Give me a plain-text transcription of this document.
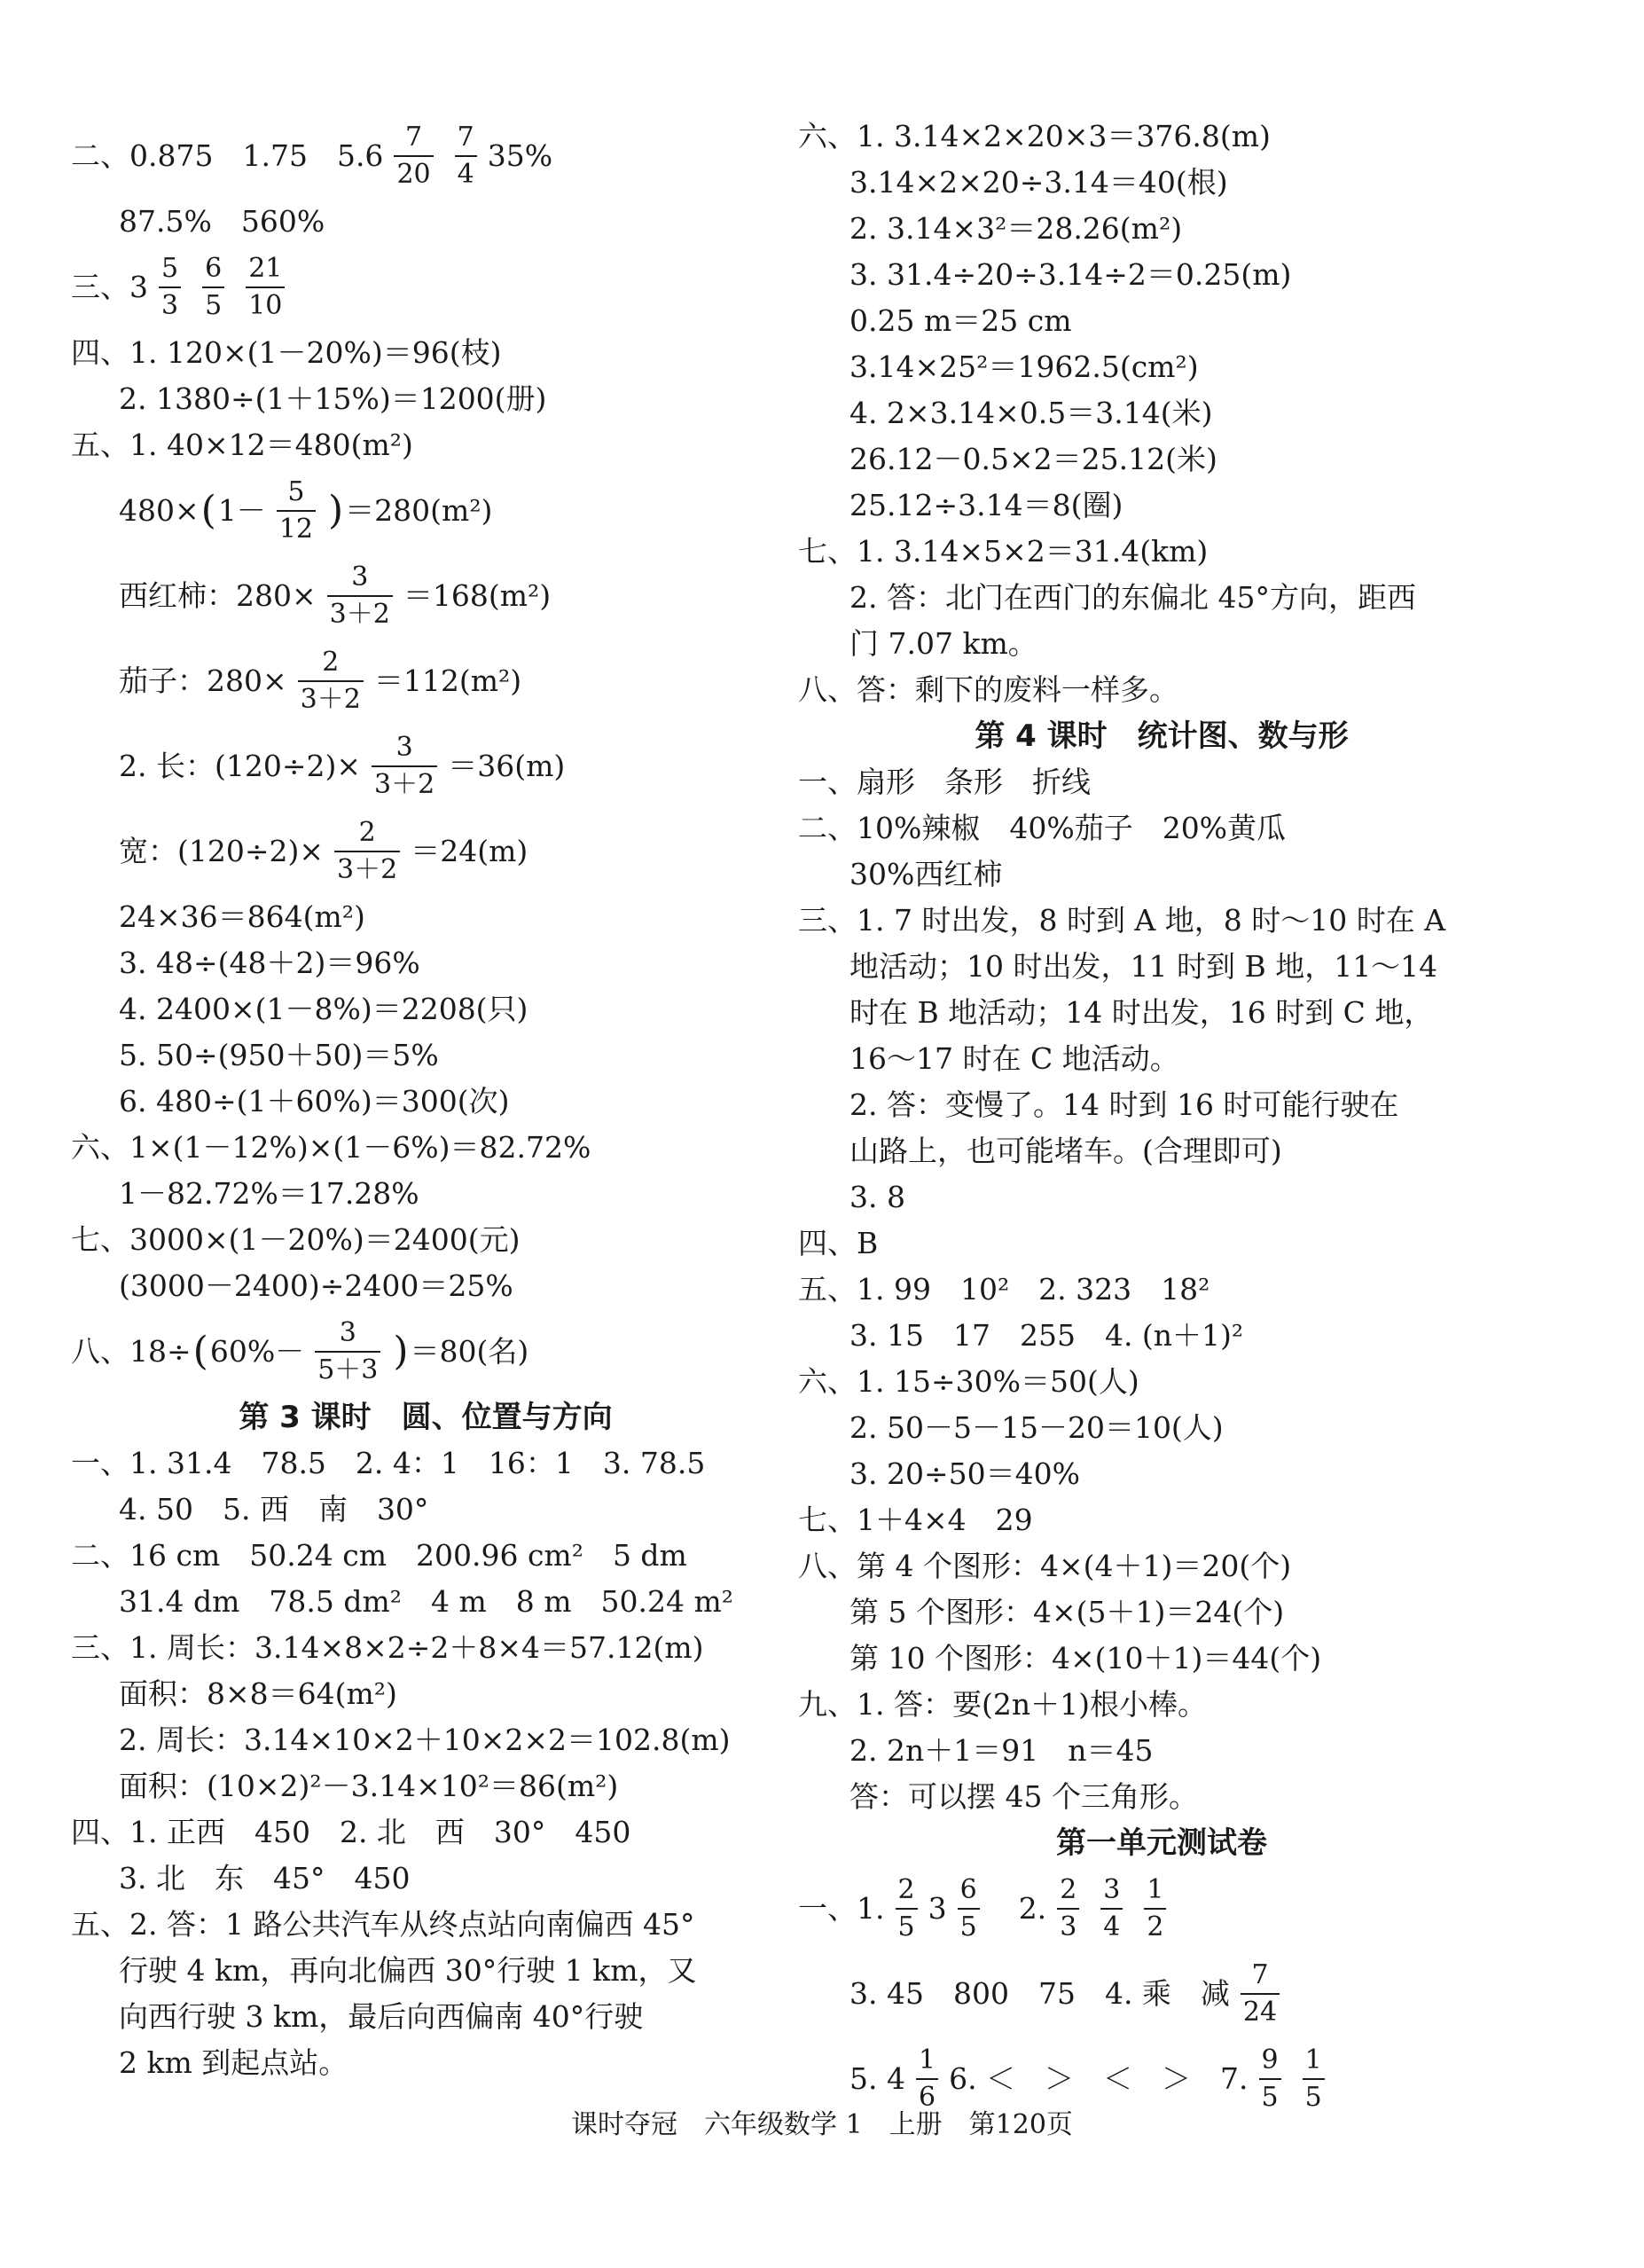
二、0.875　1.75　$5.6 \frac{7}{20} \frac{7}{4} 35\%$
87.5%　560%
三、$3 \frac{5}{3} \frac{6}{5} \frac{21}{10}$
四、1. 120×(1－20%)＝96(枝)
2. 1380÷(1＋15%)＝1200(册)
五、1. 40×12＝480(m²)
480× ( $1- \frac{5}{12}$ ) ＝280(m²)
西红柿：$280\times \frac{3}{3+2} =168(m^2)$
茄子：$280\times \frac{2}{3+2} =112(m^2)$
2. 长：$(120\div 2)\times \frac{3}{3+2} =36(m)$
宽：$(120\div 2)\times \frac{2}{3+2} =24(m)$
24×36＝864(m²)
3. 48÷(48＋2)＝96%
4. 2400×(1－8%)＝2208(只)
5. 50÷(950＋50)＝5%
6. 480÷(1＋60%)＝300(次)
六、1×(1－12%)×(1－6%)＝82.72%
1－82.72%＝17.28%
七、3000×(1－20%)＝2400(元)
(3000－2400)÷2400＝25%
八、18÷ ( $60\%- \frac{3}{5+3}$ ) ＝80(名)
第 3 课时　圆、位置与方向
一、1. 31.4　78.5　2. 4：1　16：1　3. 78.5
4. 50　5. 西　南　30°
二、16 cm　50.24 cm　200.96 cm²　5 dm
31.4 dm　78.5 dm²　4 m　8 m　50.24 m²
三、1. 周长：3.14×8×2÷2＋8×4＝57.12(m)
面积：8×8＝64(m²)
2. 周长：3.14×10×2＋10×2×2＝102.8(m)
面积：(10×2)²－3.14×10²＝86(m²)
四、1. 正西　450　2. 北　西　30°　450
3. 北　东　45°　450
五、2. 答：1 路公共汽车从终点站向南偏西 45°
行驶 4 km，再向北偏西 30°行驶 1 km，又
向西行驶 3 km，最后向西偏南 40°行驶
2 km 到起点站。
六、1. 3.14×2×20×3＝376.8(m)
3.14×2×20÷3.14＝40(根)
2. 3.14×3²＝28.26(m²)
3. 31.4÷20÷3.14÷2＝0.25(m)
0.25 m＝25 cm
3.14×25²＝1962.5(cm²)
4. 2×3.14×0.5＝3.14(米)
26.12－0.5×2＝25.12(米)
25.12÷3.14＝8(圈)
七、1. 3.14×5×2＝31.4(km)
2. 答：北门在西门的东偏北 45°方向，距西
门 7.07 km。
八、答：剩下的废料一样多。
第 4 课时　统计图、数与形
一、扇形　条形　折线
二、10%辣椒　40%茄子　20%黄瓜
30%西红柿
三、1. 7 时出发，8 时到 A 地，8 时～10 时在 A
地活动；10 时出发，11 时到 B 地，11～14
时在 B 地活动；14 时出发，16 时到 C 地，
16～17 时在 C 地活动。
2. 答：变慢了。14 时到 16 时可能行驶在
山路上，也可能堵车。(合理即可)
3. 8
四、B
五、1. 99　10²　2. 323　18²
3. 15　17　255　4. (n＋1)²
六、1. 15÷30%＝50(人)
2. 50－5－15－20＝10(人)
3. 20÷50＝40%
七、1＋4×4　29
八、第 4 个图形：4×(4＋1)＝20(个)
第 5 个图形：4×(5＋1)＝24(个)
第 10 个图形：4×(10＋1)＝44(个)
九、1. 答：要(2n＋1)根小棒。
2. 2n＋1＝91　n＝45
答：可以摆 45 个三角形。
第一单元测试卷
一、1. $\frac{2}{5} 3 \frac{6}{5} 2$. $\frac{2}{3} \frac{3}{4} \frac{1}{2}$
3. 45　800　75　4. 乘　减 $\frac{7}{24}$
5. $4 \frac{1}{6} 6$. ＜　＞　＜　＞　7. $\frac{9}{5} \frac{1}{5}$
课时夺冠　六年级数学 1　上册　第120页
